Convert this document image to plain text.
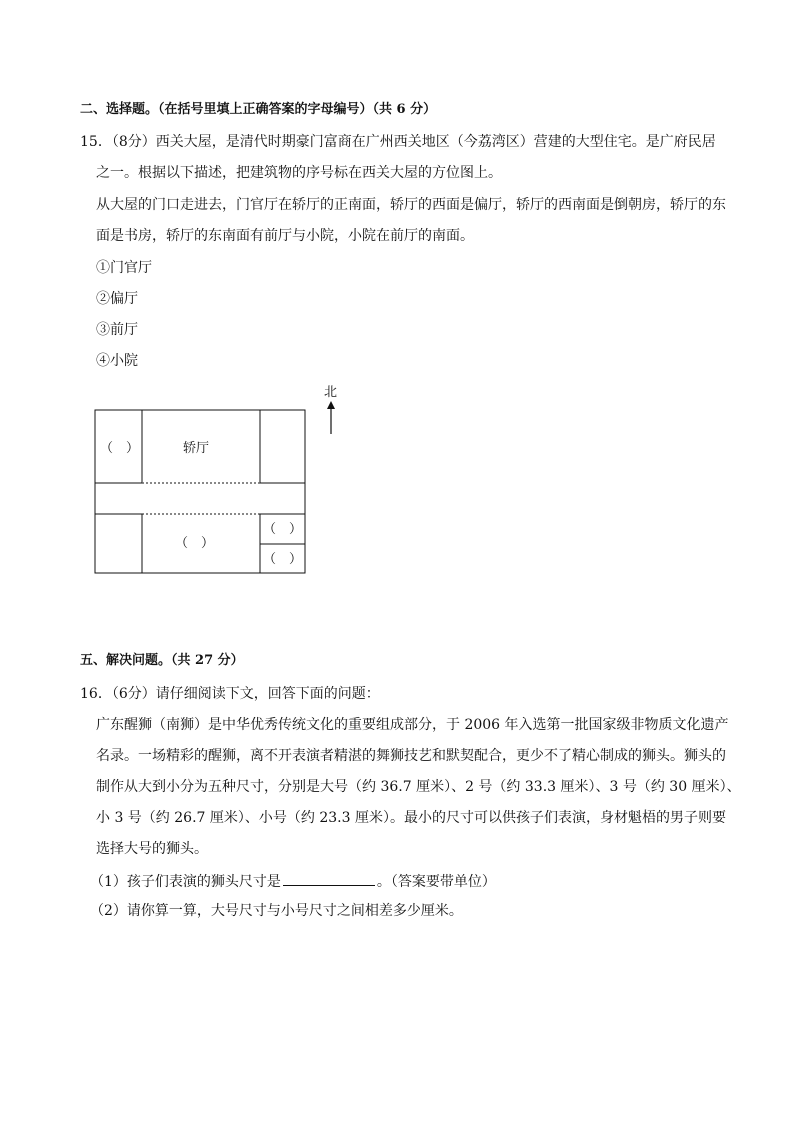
二、选择题。（在括号里填上正确答案的字母编号）（共 6 分）
15．（8分）西关大屋，是清代时期豪门富商在广州西关地区（今荔湾区）营建的大型住宅。是广府民居
之一。根据以下描述，把建筑物的序号标在西关大屋的方位图上。
从大屋的门口走进去，门官厅在轿厅的正南面，轿厅的西面是偏厅，轿厅的西南面是倒朝房，轿厅的东
面是书房，轿厅的东南面有前厅与小院，小院在前厅的南面。
①门官厅
②偏厅
③前厅
④小院
（　）	轿厅
（　）
（　）
（　）
北
五、解决问题。（共 27 分）
16．（6分）请仔细阅读下文，回答下面的问题：
广东醒狮（南狮）是中华优秀传统文化的重要组成部分，于 2006 年入选第一批国家级非物质文化遗产
名录。一场精彩的醒狮，离不开表演者精湛的舞狮技艺和默契配合，更少不了精心制成的狮头。狮头的
制作从大到小分为五种尺寸，分别是大号（约 36.7 厘米）、2 号（约 33.3 厘米）、3 号（约 30 厘米）、
小 3 号（约 26.7 厘米）、小号（约 23.3 厘米）。最小的尺寸可以供孩子们表演，身材魁梧的男子则要
选择大号的狮头。
（1）孩子们表演的狮头尺寸是	。（答案要带单位）
（2）请你算一算，大号尺寸与小号尺寸之间相差多少厘米。
